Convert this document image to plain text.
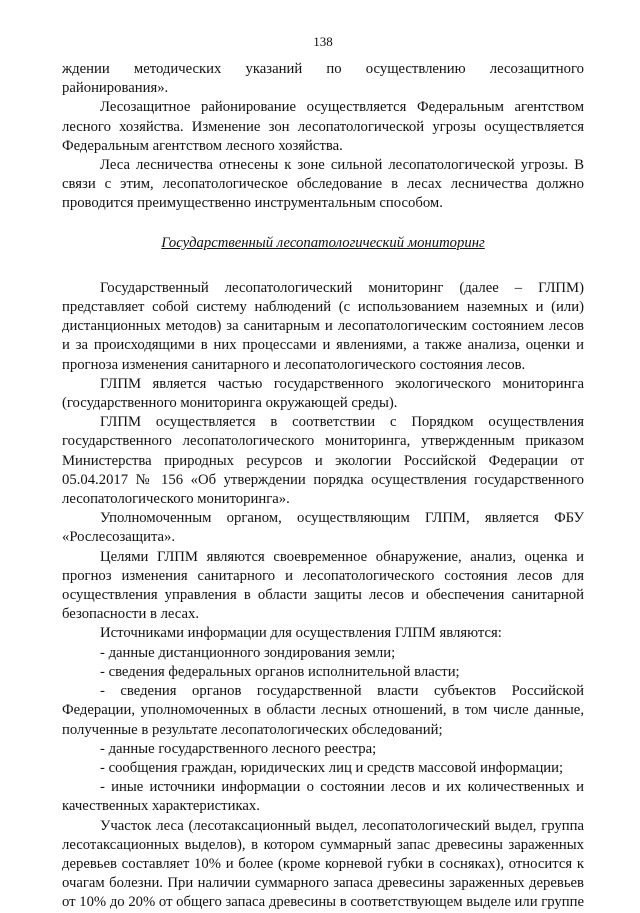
138

ждении методических указаний по осуществлению лесозащитного районирования».

Лесозащитное районирование осуществляется Федеральным агентством лесного хозяйства. Изменение зон лесопатологической угрозы осуществляется Федеральным агентством лесного хозяйства.

Леса лесничества отнесены к зоне сильной лесопатологической угрозы. В связи с этим, лесопатологическое обследование в лесах лесничества должно проводится преимущественно инструментальным способом.

Государственный лесопатологический мониторинг

Государственный лесопатологический мониторинг (далее – ГЛПМ) представляет собой систему наблюдений (с использованием наземных и (или) дистанционных методов) за санитарным и лесопатологическим состоянием лесов и за происходящими в них процессами и явлениями, а также анализа, оценки и прогноза изменения санитарного и лесопатологического состояния лесов.

ГЛПМ является частью государственного экологического мониторинга (государственного мониторинга окружающей среды).

ГЛПМ осуществляется в соответствии с Порядком осуществления государственного лесопатологического мониторинга, утвержденным приказом Министерства природных ресурсов и экологии Российской Федерации от 05.04.2017 № 156 «Об утверждении порядка осуществления государственного лесопатологического мониторинга».

Уполномоченным органом, осуществляющим ГЛПМ, является ФБУ «Рослесозащита».

Целями ГЛПМ являются своевременное обнаружение, анализ, оценка и прогноз изменения санитарного и лесопатологического состояния лесов для осуществления управления в области защиты лесов и обеспечения санитарной безопасности в лесах.

Источниками информации для осуществления ГЛПМ являются:

- данные дистанционного зондирования земли;

- сведения федеральных органов исполнительной власти;

- сведения органов государственной власти субъектов Российской Федерации, уполномоченных в области лесных отношений, в том числе данные, полученные в результате лесопатологических обследований;

- данные государственного лесного реестра;

- сообщения граждан, юридических лиц и средств массовой информации;

- иные источники информации о состоянии лесов и их количественных и качественных характеристиках.

Участок леса (лесотаксационный выдел, лесопатологический выдел, группа лесотаксационных выделов), в котором суммарный запас древесины зараженных деревьев составляет 10% и более (кроме корневой губки в сосняках), относится к очагам болезни. При наличии суммарного запаса древесины зараженных деревьев от 10% до 20% от общего запаса древесины в соответствующем выделе или группе
